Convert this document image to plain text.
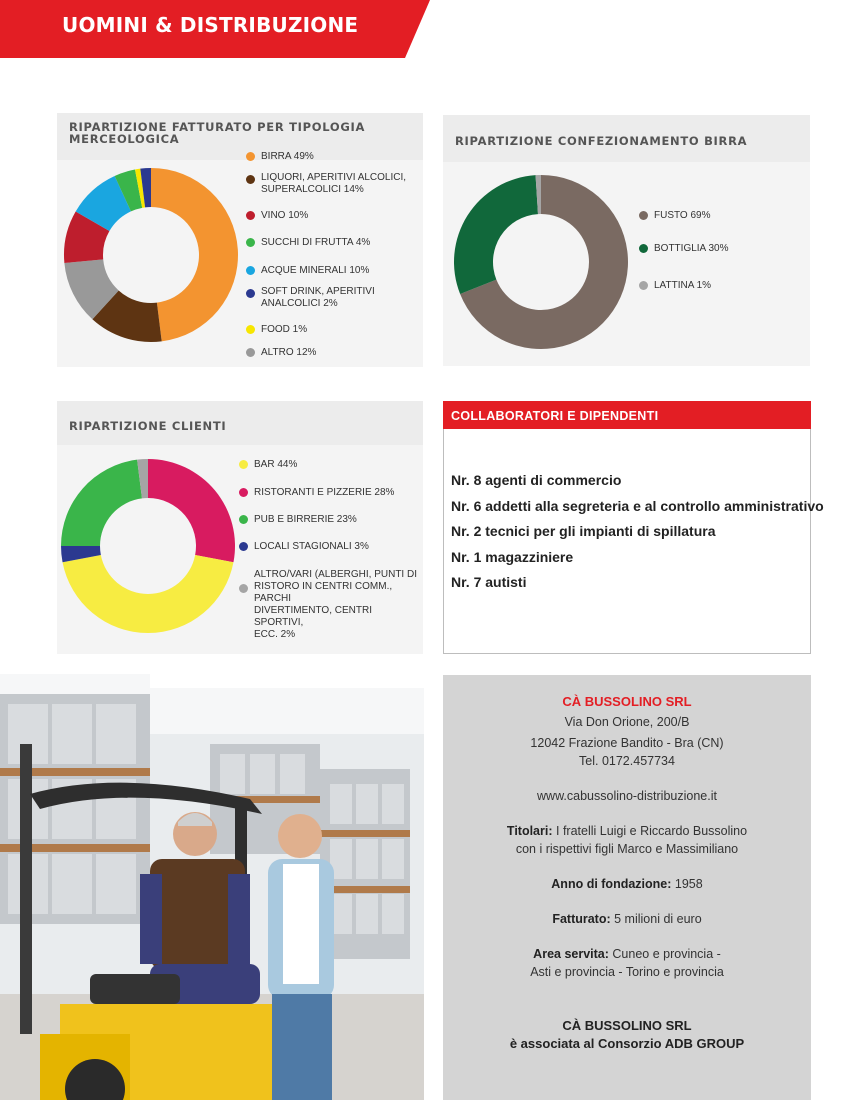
UOMINI & DISTRIBUZIONE
RIPARTIZIONE FATTURATO PER TIPOLOGIA
MERCEOLOGICA
BIRRA 49%
LIQUORI, APERITIVI ALCOLICI,
SUPERALCOLICI 14%
VINO 10%
SUCCHI DI FRUTTA 4%
ACQUE MINERALI 10%
SOFT DRINK, APERITIVI
ANALCOLICI 2%
FOOD 1%
ALTRO 12%
RIPARTIZIONE CONFEZIONAMENTO BIRRA
FUSTO 69%
BOTTIGLIA 30%
LATTINA 1%
RIPARTIZIONE CLIENTI
BAR 44%
RISTORANTI E PIZZERIE 28%
PUB E BIRRERIE 23%
LOCALI STAGIONALI 3%
ALTRO/VARI (ALBERGHI, PUNTI DI
RISTORO IN CENTRI COMM., PARCHI
DIVERTIMENTO, CENTRI SPORTIVI,
ECC. 2%
COLLABORATORI E DIPENDENTI
Nr. 8 agenti di commercio
Nr. 6 addetti alla segreteria e al controllo amministrativo
Nr. 2 tecnici per gli impianti di spillatura
Nr. 1 magazziniere
Nr. 7 autisti
CÀ BUSSOLINO SRL
Via Don Orione, 200/B
12042 Frazione Bandito - Bra (CN)
Tel. 0172.457734
www.cabussolino-distribuzione.it
Titolari: I fratelli Luigi e Riccardo Bussolino
con i rispettivi figli Marco e Massimiliano
Anno di fondazione: 1958
Fatturato: 5 milioni di euro
Area servita: Cuneo e provincia -
Asti e provincia - Torino e provincia
CÀ BUSSOLINO SRL
è associata al Consorzio ADB GROUP
